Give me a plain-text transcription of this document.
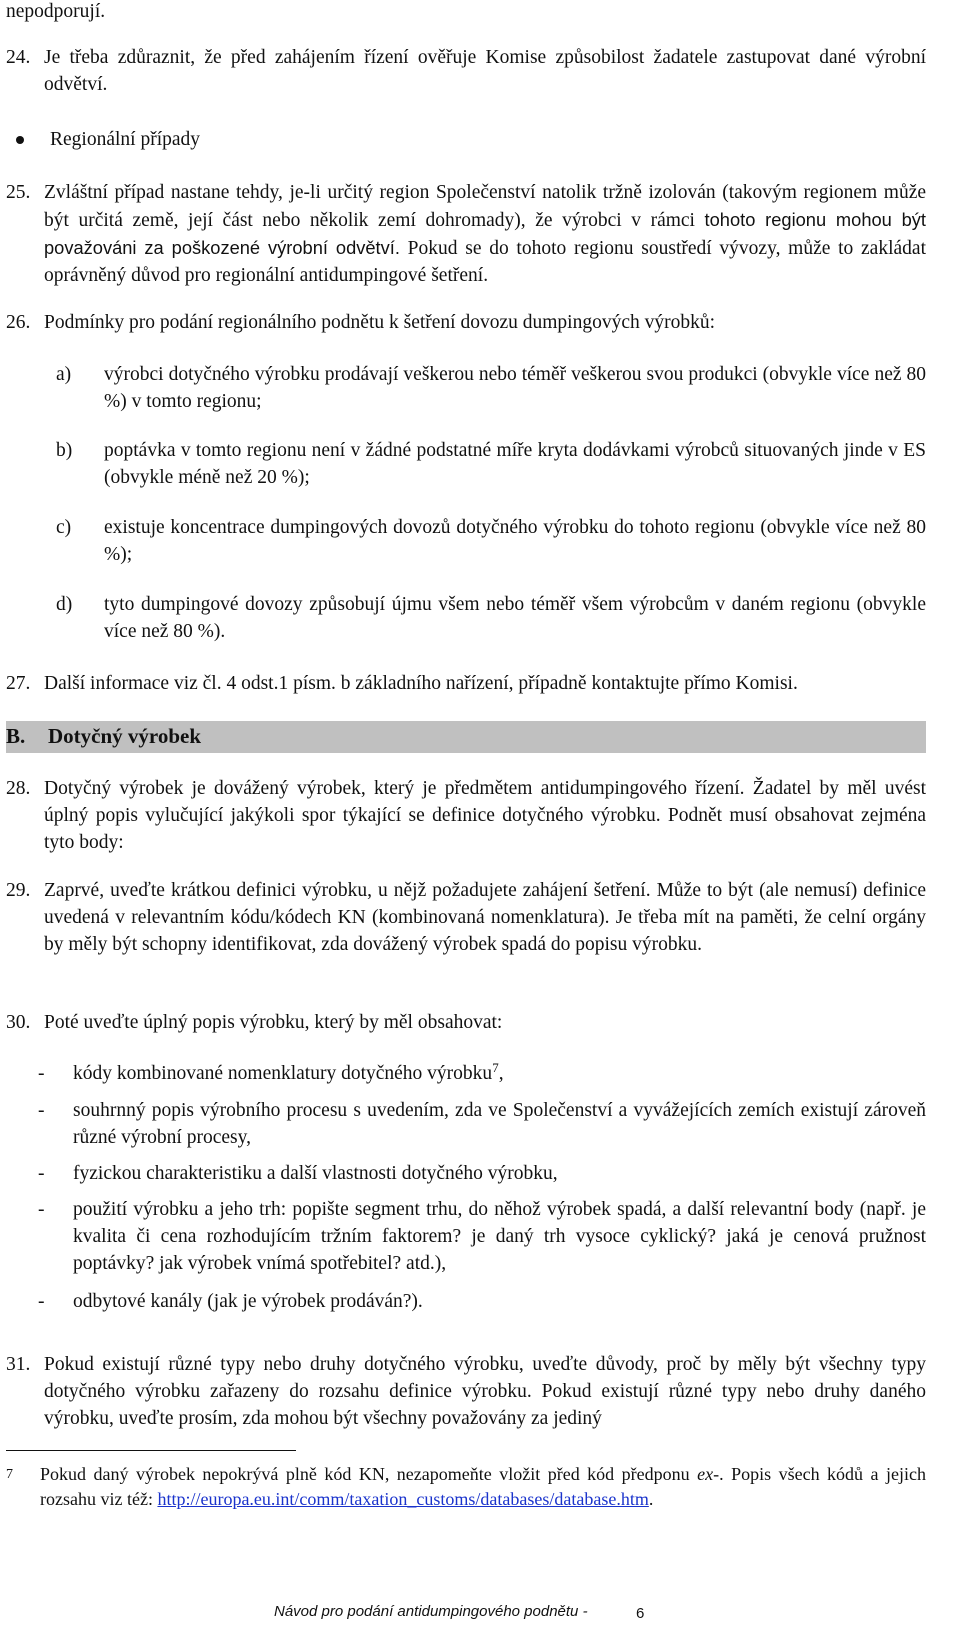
nepodporují.
24. Je třeba zdůraznit, že před zahájením řízení ověřuje Komise způsobilost žadatele zastupovat dané výrobní odvětví.
Regionální případy
25. Zvláštní případ nastane tehdy, je-li určitý region Společenství natolik tržně izolován (takovým regionem může být určitá země, její část nebo několik zemí dohromady), že výrobci v rámci tohoto regionu mohou být považováni za poškozené výrobní odvětví. Pokud se do tohoto regionu soustředí vývozy, může to zakládat oprávněný důvod pro regionální antidumpingové šetření.
26. Podmínky pro podání regionálního podnětu k šetření dovozu dumpingových výrobků:
a)	výrobci dotyčného výrobku prodávají veškerou nebo téměř veškerou svou produkci (obvykle více než 80 %) v tomto regionu;
b)	poptávka v tomto regionu není v žádné podstatné míře kryta dodávkami výrobců situovaných jinde v ES (obvykle méně než 20 %);
c)	existuje koncentrace dumpingových dovozů dotyčného výrobku do tohoto regionu (obvykle více než 80 %);
d)	tyto dumpingové dovozy způsobují újmu všem nebo téměř všem výrobcům v daném regionu (obvykle více než 80 %).
27. Další informace viz čl. 4 odst.1 písm. b základního nařízení, případně kontaktujte přímo Komisi.
B. Dotyčný výrobek
28. Dotyčný výrobek je dovážený výrobek, který je předmětem antidumpingového řízení. Žadatel by měl uvést úplný popis vylučující jakýkoli spor týkající se definice dotyčného výrobku. Podnět musí obsahovat zejména tyto body:
29. Zaprvé, uveďte krátkou definici výrobku, u nějž požadujete zahájení šetření. Může to být (ale nemusí) definice uvedená v relevantním kódu/kódech KN (kombinovaná nomenklatura). Je třeba mít na paměti, že celní orgány by měly být schopny identifikovat, zda dovážený výrobek spadá do popisu výrobku.
30. Poté uveďte úplný popis výrobku, který by měl obsahovat:
-	kódy kombinované nomenklatury dotyčného výrobku$^7$,
-	souhrnný popis výrobního procesu s uvedením, zda ve Společenství a vyvážejících zemích existují zároveň různé výrobní procesy,
-	fyzickou charakteristiku a další vlastnosti dotyčného výrobku,
-	použití výrobku a jeho trh: popište segment trhu, do něhož výrobek spadá, a další relevantní body (např. je kvalita či cena rozhodujícím tržním faktorem? je daný trh vysoce cyklický? jaká je cenová pružnost poptávky? jak výrobek vnímá spotřebitel? atd.),
-	odbytové kanály (jak je výrobek prodáván?).
31. Pokud existují různé typy nebo druhy dotyčného výrobku, uveďte důvody, proč by měly být všechny typy dotyčného výrobku zařazeny do rozsahu definice výrobku. Pokud existují různé typy nebo druhy daného výrobku, uveďte prosím, zda mohou být všechny považovány za jediný
7 Pokud daný výrobek nepokrývá plně kód KN, nezapomeňte vložit před kód předponu ex-. Popis všech kódů a jejich rozsahu viz též: http://europa.eu.int/comm/taxation_customs/databases/database.htm.
Návod pro podání antidumpingového podnětu -	6
